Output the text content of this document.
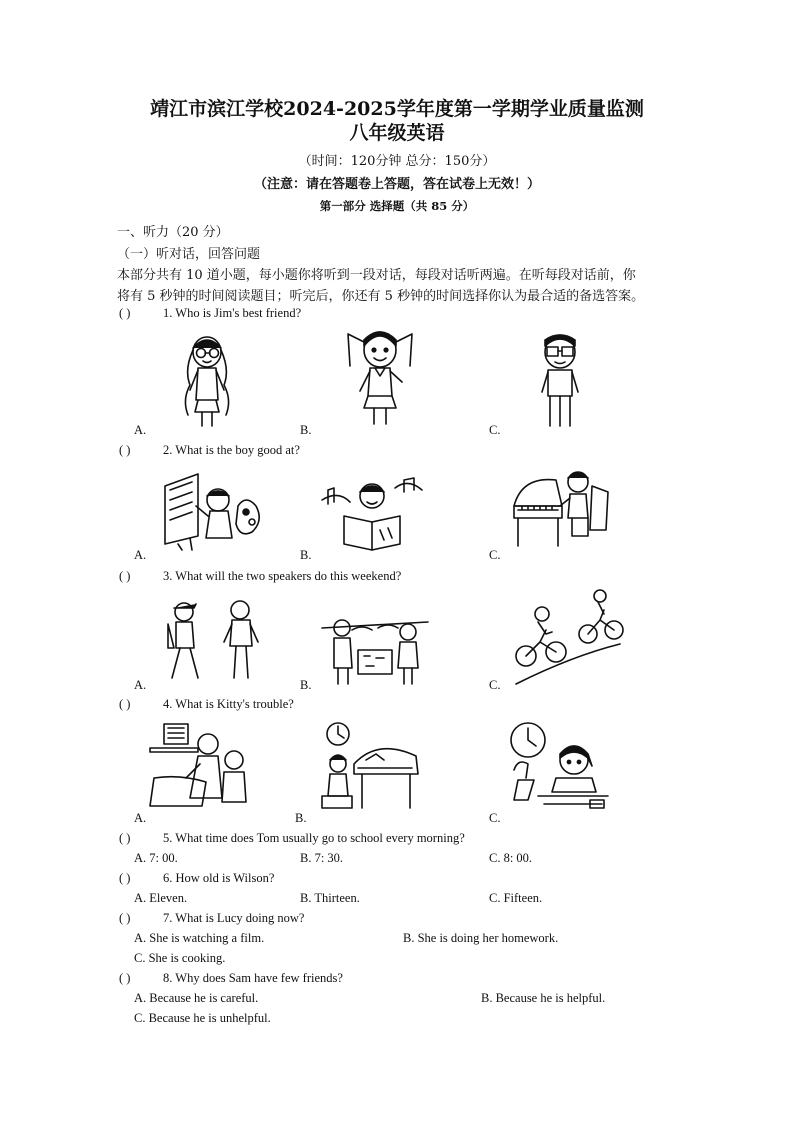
靖江市滨江学校2024-2025学年度第一学期学业质量监测
八年级英语
（时间：120分钟 总分：150分）
（注意：请在答题卷上答题，答在试卷上无效！）
第一部分 选择题（共 85 分）
一、听力（20 分）
（一）听对话，回答问题
本部分共有 10 道小题，每小题你将听到一段对话，每段对话听两遍。在听每段对话前，你
将有 5 秒钟的时间阅读题目；听完后，你还有 5 秒钟的时间选择你认为最合适的备选答案。
( )	1. Who is Jim's best friend?
A.	B.	C.
( )	2. What is the boy good at?
A.	B.	C.
( )	3. What will the two speakers do this weekend?
A.	B.	C.
( )	4. What is Kitty's trouble?
A.	B.	C.
( )	5. What time does Tom usually go to school every morning?
A. 7: 00.	B. 7: 30.	C. 8: 00.
( )	6. How old is Wilson?
A. Eleven.	B. Thirteen.	C. Fifteen.
( )	7. What is Lucy doing now?
A. She is watching a film.	B. She is doing her homework.
C. She is cooking.
( )	8. Why does Sam have few friends?
A. Because he is careful.	B. Because he is helpful.
C. Because he is unhelpful.
